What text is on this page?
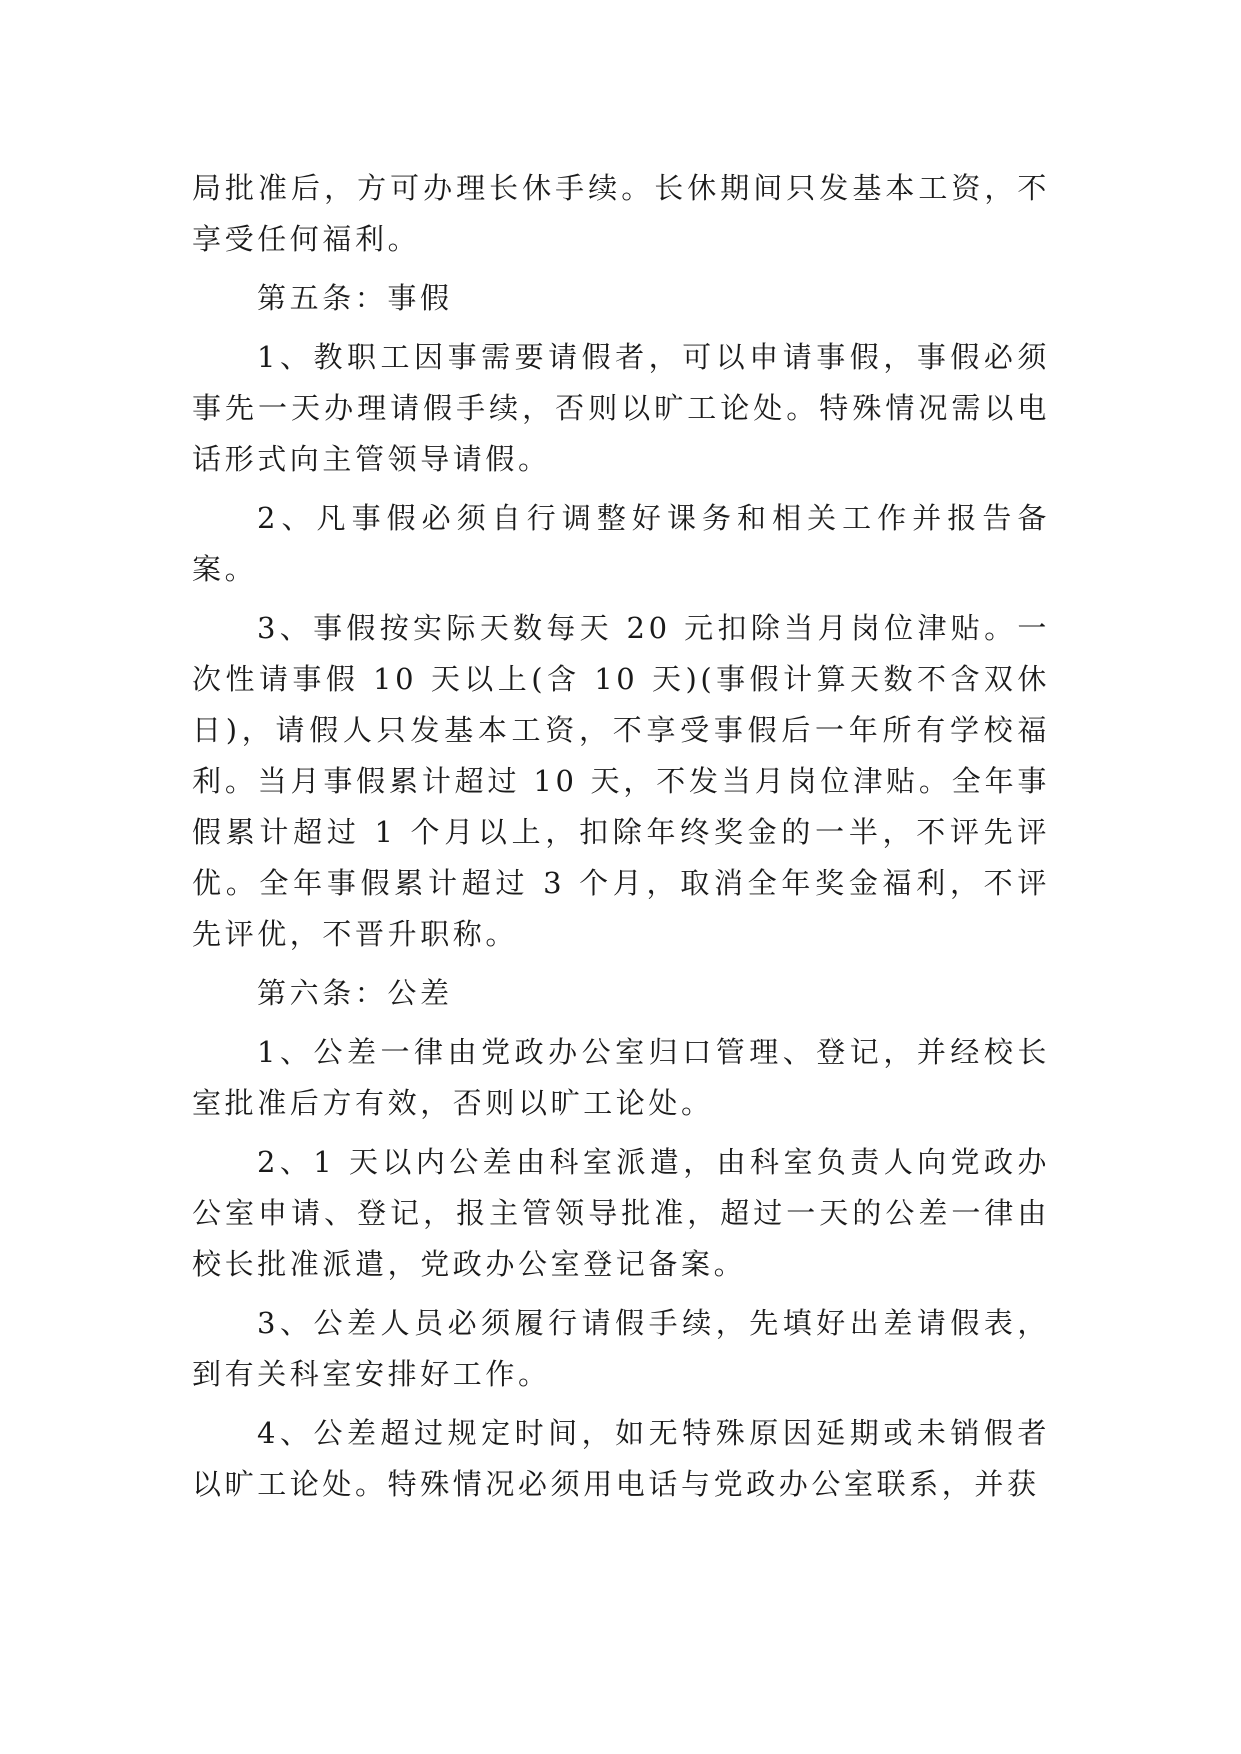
局批准后，方可办理长休手续。长休期间只发基本工资，不享受任何福利。

第五条：事假

1、教职工因事需要请假者，可以申请事假，事假必须事先一天办理请假手续，否则以旷工论处。特殊情况需以电话形式向主管领导请假。

2、凡事假必须自行调整好课务和相关工作并报告备案。

3、事假按实际天数每天 20 元扣除当月岗位津贴。一次性请事假 10 天以上(含 10 天)(事假计算天数不含双休日)，请假人只发基本工资，不享受事假后一年所有学校福利。当月事假累计超过 10 天，不发当月岗位津贴。全年事假累计超过 1 个月以上，扣除年终奖金的一半，不评先评优。全年事假累计超过 3 个月，取消全年奖金福利，不评先评优，不晋升职称。

第六条：公差

1、公差一律由党政办公室归口管理、登记，并经校长室批准后方有效，否则以旷工论处。

2、1 天以内公差由科室派遣，由科室负责人向党政办公室申请、登记，报主管领导批准，超过一天的公差一律由校长批准派遣，党政办公室登记备案。

3、公差人员必须履行请假手续，先填好出差请假表，到有关科室安排好工作。

4、公差超过规定时间，如无特殊原因延期或未销假者以旷工论处。特殊情况必须用电话与党政办公室联系，并获
